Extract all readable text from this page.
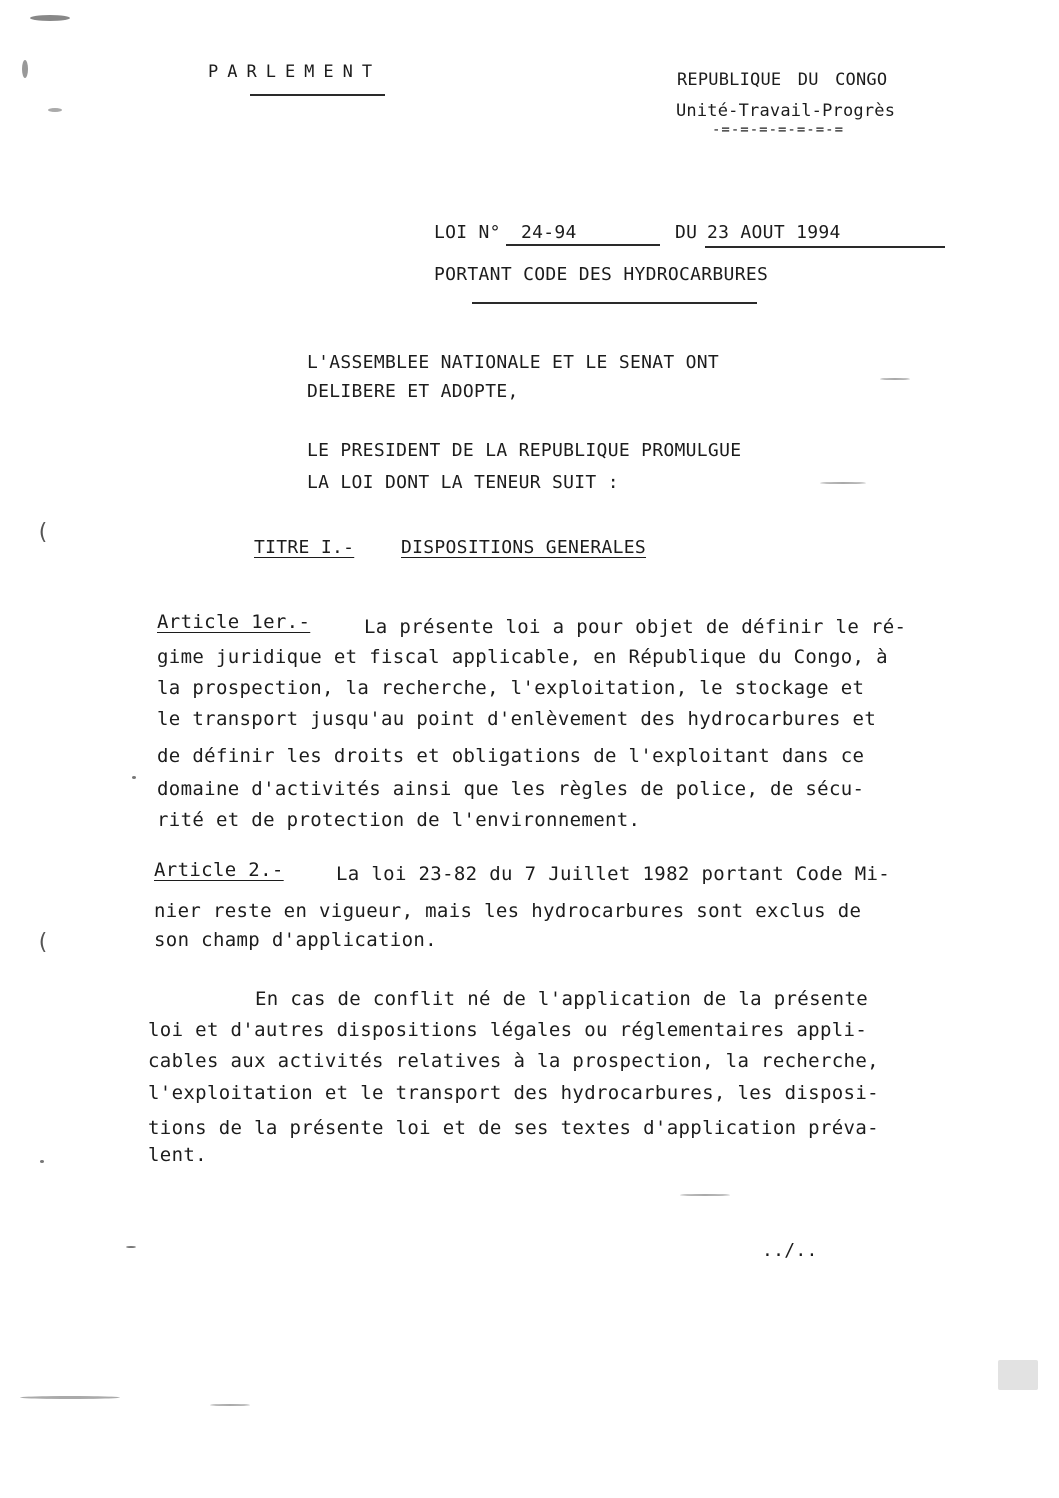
PARLEMENT	REPUBLIQUE DU CONGO
Unité-Travail-Progrès
-=-=-=-=-=-=-=
LOI N° 24-94	DU 23 AOUT 1994
PORTANT CODE DES HYDROCARBURES
L'ASSEMBLEE NATIONALE ET LE SENAT ONT
DELIBERE ET ADOPTE,
LE PRESIDENT DE LA REPUBLIQUE PROMULGUE
LA LOI DONT LA TENEUR SUIT :
TITRE I.-	DISPOSITIONS GENERALES
Article 1er.-	La présente loi a pour objet de définir le ré-
gime juridique et fiscal applicable, en République du Congo, à
la prospection, la recherche, l'exploitation, le stockage et
le transport jusqu'au point d'enlèvement des hydrocarbures et
de définir les droits et obligations de l'exploitant dans ce
domaine d'activités ainsi que les règles de police, de sécu-
rité et de protection de l'environnement.
Article 2.-	La loi 23-82 du 7 Juillet 1982 portant Code Mi-
nier reste en vigueur, mais les hydrocarbures sont exclus de
son champ d'application.
En cas de conflit né de l'application de la présente
loi et d'autres dispositions légales ou réglementaires appli-
cables aux activités relatives à la prospection, la recherche,
l'exploitation et le transport des hydrocarbures, les disposi-
tions de la présente loi et de ses textes d'application préva-
lent.
../..
(
(
